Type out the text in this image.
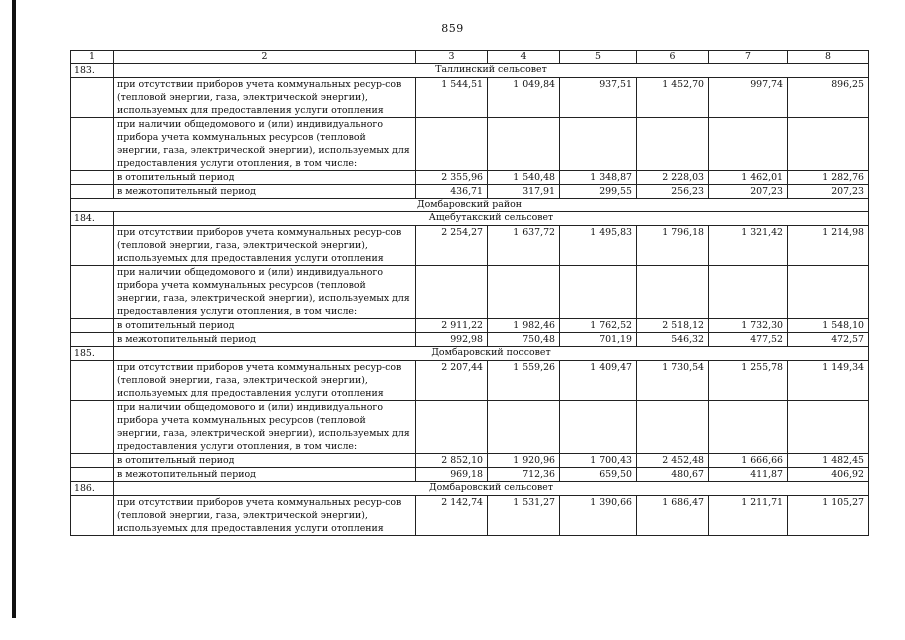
859
1	2	3	4	5	6	7	8
183.	Таллинский сельсовет						
	при отсутствии приборов учета коммунальных ресур-сов (тепловой энергии, газа, электрической энергии), используемых для предоставления услуги отопления	1 544,51	1 049,84	937,51	1 452,70	997,74	896,25
	при наличии общедомового и (или) индивидуального прибора учета коммунальных ресурсов (тепловой энергии, газа, электрической энергии), используемых для предоставления услуги отопления, в том числе:						
	в отопительный период	2 355,96	1 540,48	1 348,87	2 228,03	1 462,01	1 282,76
	в межотопительный период	436,71	317,91	299,55	256,23	207,23	207,23
Домбаровский район							
184.	Ащебутакский сельсовет						
	при отсутствии приборов учета коммунальных ресур-сов (тепловой энергии, газа, электрической энергии), используемых для предоставления услуги отопления	2 254,27	1 637,72	1 495,83	1 796,18	1 321,42	1 214,98
	при наличии общедомового и (или) индивидуального прибора учета коммунальных ресурсов (тепловой энергии, газа, электрической энергии), используемых для предоставления услуги отопления, в том числе:						
	в отопительный период	2 911,22	1 982,46	1 762,52	2 518,12	1 732,30	1 548,10
	в межотопительный период	992,98	750,48	701,19	546,32	477,52	472,57
185.	Домбаровский поссовет						
	при отсутствии приборов учета коммунальных ресур-сов (тепловой энергии, газа, электрической энергии), используемых для предоставления услуги отопления	2 207,44	1 559,26	1 409,47	1 730,54	1 255,78	1 149,34
	при наличии общедомового и (или) индивидуального прибора учета коммунальных ресурсов (тепловой энергии, газа, электрической энергии), используемых для предоставления услуги отопления, в том числе:						
	в отопительный период	2 852,10	1 920,96	1 700,43	2 452,48	1 666,66	1 482,45
	в межотопительный период	969,18	712,36	659,50	480,67	411,87	406,92
186.	Домбаровский сельсовет						
	при отсутствии приборов учета коммунальных ресур-сов (тепловой энергии, газа, электрической энергии), используемых для предоставления услуги отопления	2 142,74	1 531,27	1 390,66	1 686,47	1 211,71	1 105,27
